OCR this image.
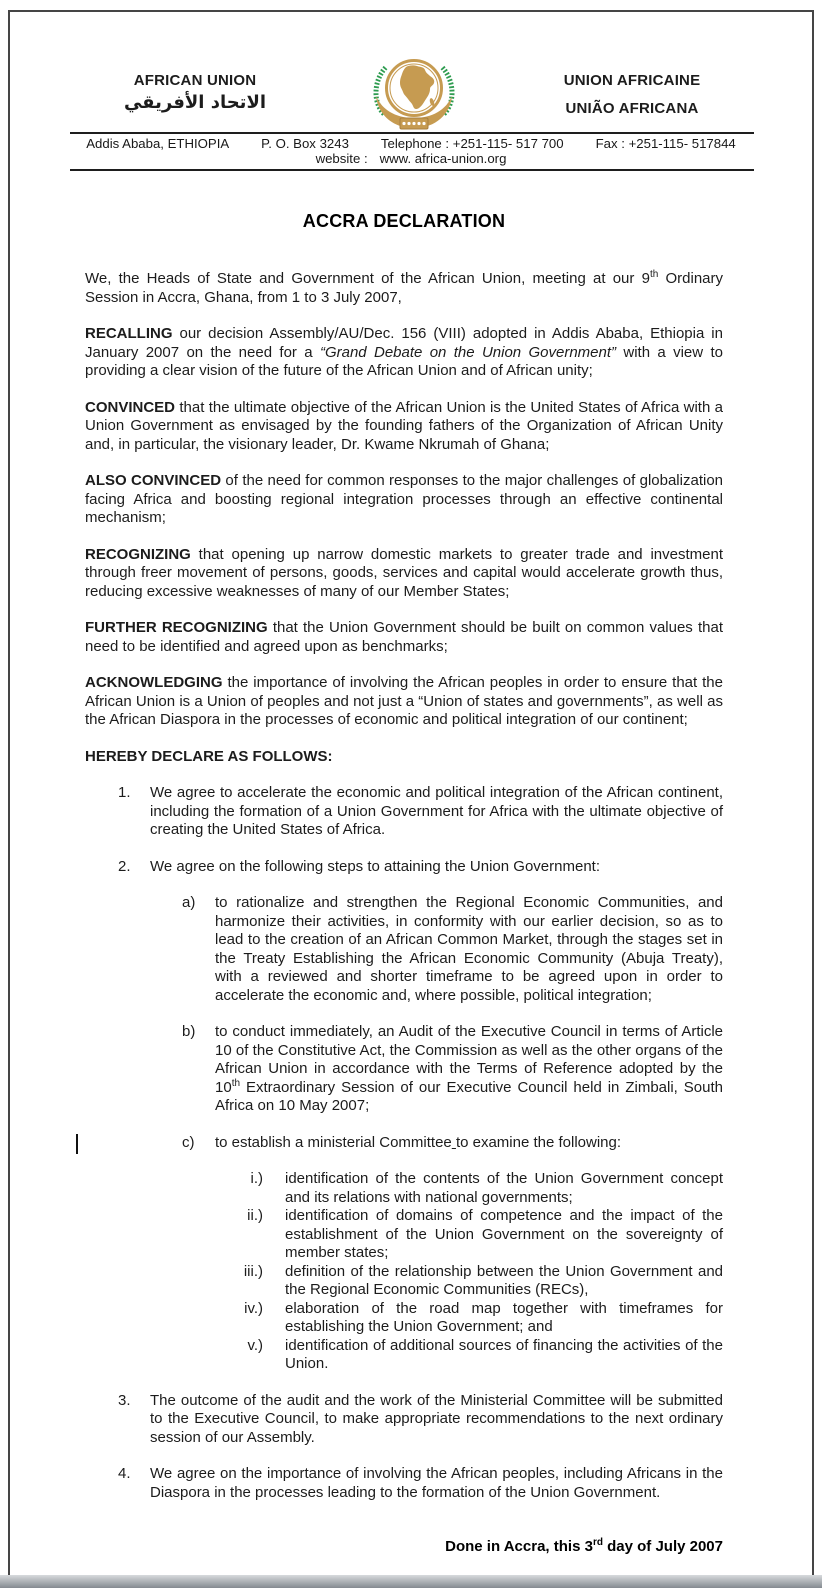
AFRICAN UNION
الاتحاد الأفريقي
UNION AFRICAINE
UNIÃO AFRICANA
Addis Ababa, ETHIOPIA P. O. Box 3243 Telephone : +251-115- 517 700 Fax : +251-115- 517844
website : www. africa-union.org
ACCRA DECLARATION

We, the Heads of State and Government of the African Union, meeting at our 9th Ordinary Session in Accra, Ghana, from 1 to 3 July 2007,

RECALLING our decision Assembly/AU/Dec. 156 (VIII) adopted in Addis Ababa, Ethiopia in January 2007 on the need for a “Grand Debate on the Union Government” with a view to providing a clear vision of the future of the African Union and of African unity;

CONVINCED that the ultimate objective of the African Union is the United States of Africa with a Union Government as envisaged by the founding fathers of the Organization of African Unity and, in particular, the visionary leader, Dr. Kwame Nkrumah of Ghana;

ALSO CONVINCED of the need for common responses to the major challenges of globalization facing Africa and boosting regional integration processes through an effective continental mechanism;

RECOGNIZING that opening up narrow domestic markets to greater trade and investment through freer movement of persons, goods, services and capital would accelerate growth thus, reducing excessive weaknesses of many of our Member States;

FURTHER RECOGNIZING that the Union Government should be built on common values that need to be identified and agreed upon as benchmarks;

ACKNOWLEDGING the importance of involving the African peoples in order to ensure that the African Union is a Union of peoples and not just a “Union of states and governments”, as well as the African Diaspora in the processes of economic and political integration of our continent;

HEREBY DECLARE AS FOLLOWS:

1.	We agree to accelerate the economic and political integration of the African continent, including the formation of a Union Government for Africa with the ultimate objective of creating the United States of Africa.
2.	We agree on the following steps to attaining the Union Government:
a)	to rationalize and strengthen the Regional Economic Communities, and harmonize their activities, in conformity with our earlier decision, so as to lead to the creation of an African Common Market, through the stages set in the Treaty Establishing the African Economic Community (Abuja Treaty), with a reviewed and shorter timeframe to be agreed upon in order to accelerate the economic and, where possible, political integration;
b)	to conduct immediately, an Audit of the Executive Council in terms of Article 10 of the Constitutive Act, the Commission as well as the other organs of the African Union in accordance with the Terms of Reference adopted by the 10th Extraordinary Session of our Executive Council held in Zimbali, South Africa on 10 May 2007;
c)	to establish a ministerial Committee to examine the following:
i.)	identification of the contents of the Union Government concept and its relations with national governments;
ii.)	identification of domains of competence and the impact of the establishment of the Union Government on the sovereignty of member states;
iii.)	definition of the relationship between the Union Government and the Regional Economic Communities (RECs),
iv.)	elaboration of the road map together with timeframes for establishing the Union Government; and
v.)	identification of additional sources of financing the activities of the Union.
3.	The outcome of the audit and the work of the Ministerial Committee will be submitted to the Executive Council, to make appropriate recommendations to the next ordinary session of our Assembly.
4.	We agree on the importance of involving the African peoples, including Africans in the Diaspora in the processes leading to the formation of the Union Government.
Done in Accra, this 3rd day of July 2007
